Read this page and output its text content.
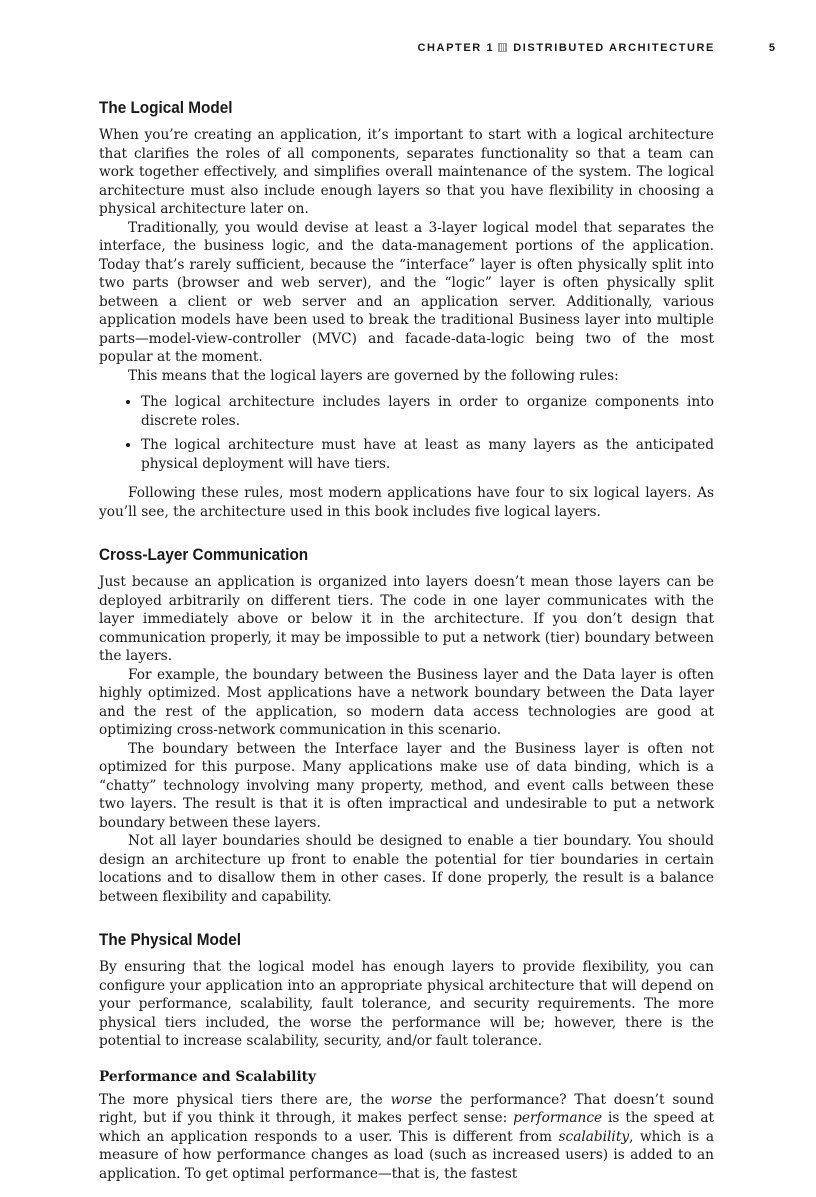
CHAPTER 1 DISTRIBUTED ARCHITECTURE	5
The Logical Model

When you’re creating an application, it’s important to start with a logical architecture that clarifies the roles of all components, separates functionality so that a team can work together effectively, and simplifies overall maintenance of the system. The logical architecture must also include enough layers so that you have flexibility in choosing a physical architecture later on.

Traditionally, you would devise at least a 3-layer logical model that separates the interface, the business logic, and the data-management portions of the application. Today that’s rarely sufficient, because the “interface” layer is often physically split into two parts (browser and web server), and the “logic” layer is often physically split between a client or web server and an application server. Additionally, various application models have been used to break the traditional Business layer into multiple parts—model-view-controller (MVC) and facade-data-logic being two of the most popular at the moment.

This means that the logical layers are governed by the following rules:

• The logical architecture includes layers in order to organize components into discrete roles.
• The logical architecture must have at least as many layers as the anticipated physical deployment will have tiers.

Following these rules, most modern applications have four to six logical layers. As you’ll see, the architecture used in this book includes five logical layers.

Cross-Layer Communication

Just because an application is organized into layers doesn’t mean those layers can be deployed arbitrarily on different tiers. The code in one layer communicates with the layer immediately above or below it in the architecture. If you don’t design that communication properly, it may be impossible to put a network (tier) boundary between the layers.

For example, the boundary between the Business layer and the Data layer is often highly optimized. Most applications have a network boundary between the Data layer and the rest of the application, so modern data access technologies are good at optimizing cross-network communication in this scenario.

The boundary between the Interface layer and the Business layer is often not optimized for this purpose. Many applications make use of data binding, which is a “chatty” technology involving many property, method, and event calls between these two layers. The result is that it is often impractical and undesirable to put a network boundary between these layers.

Not all layer boundaries should be designed to enable a tier boundary. You should design an architecture up front to enable the potential for tier boundaries in certain locations and to disallow them in other cases. If done properly, the result is a balance between flexibility and capability.

The Physical Model

By ensuring that the logical model has enough layers to provide flexibility, you can configure your application into an appropriate physical architecture that will depend on your performance, scalability, fault tolerance, and security requirements. The more physical tiers included, the worse the performance will be; however, there is the potential to increase scalability, security, and/or fault tolerance.

Performance and Scalability

The more physical tiers there are, the worse the performance? That doesn’t sound right, but if you think it through, it makes perfect sense: performance is the speed at which an application responds to a user. This is different from scalability, which is a measure of how performance changes as load (such as increased users) is added to an application. To get optimal performance—that is, the fastest
